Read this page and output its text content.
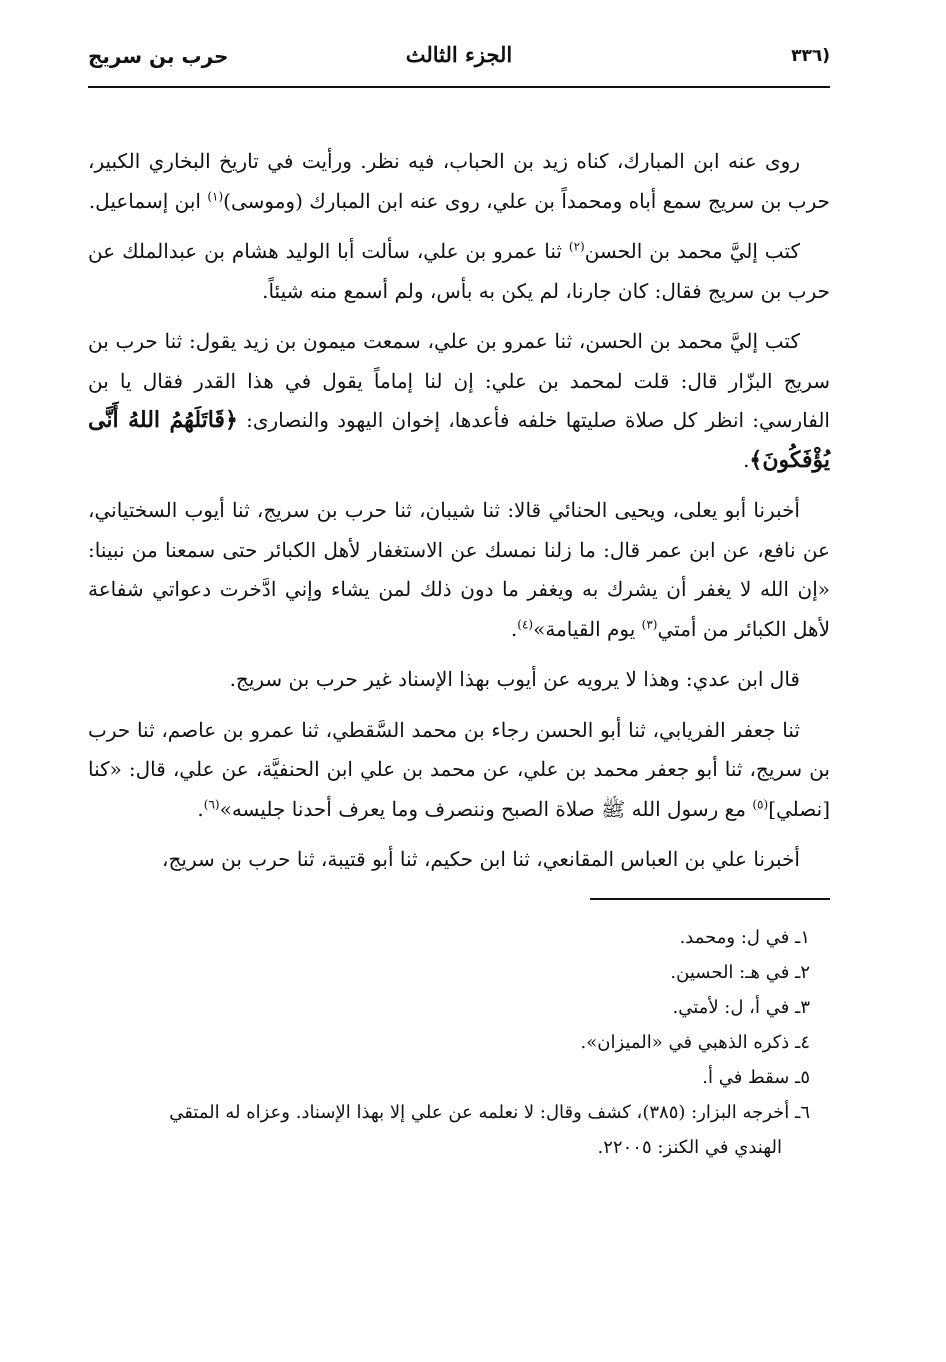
(٣٣٦
الجزء الثالث
حرب بن سريج

روى عنه ابن المبارك، كناه زيد بن الحباب، فيه نظر. ورأيت في تاريخ البخاري الكبير، حرب بن سريج سمع أباه ومحمداً بن علي، روى عنه ابن المبارك (وموسى)$^{(١)}$ ابن إسماعيل.

كتب إليَّ محمد بن الحسن$^{(٢)}$ ثنا عمرو بن علي، سألت أبا الوليد هشام بن عبدالملك عن حرب بن سريج فقال: كان جارنا، لم يكن به بأس، ولم أسمع منه شيئاً.

كتب إليَّ محمد بن الحسن، ثنا عمرو بن علي، سمعت ميمون بن زيد يقول: ثنا حرب بن سريج البزّار قال: قلت لمحمد بن علي: إن لنا إماماً يقول في هذا القدر فقال يا بن الفارسي: انظر كل صلاة صليتها خلفه فأعدها، إخوان اليهود والنصارى: ﴿قَاتَلَهُمُ اللهُ أَنَّى يُؤْفَكُونَ﴾.

أخبرنا أبو يعلى، ويحيى الحنائي قالا: ثنا شيبان، ثنا حرب بن سريج، ثنا أيوب السختياني، عن نافع، عن ابن عمر قال: ما زلنا نمسك عن الاستغفار لأهل الكبائر حتى سمعنا من نبينا: «إن الله لا يغفر أن يشرك به ويغفر ما دون ذلك لمن يشاء وإني ادَّخرت دعواتي شفاعة لأهل الكبائر من أمتي$^{(٣)}$ يوم القيامة»$^{(٤)}$.

قال ابن عدي: وهذا لا يرويه عن أيوب بهذا الإسناد غير حرب بن سريج.

ثنا جعفر الفريابي، ثنا أبو الحسن رجاء بن محمد السَّقطي، ثنا عمرو بن عاصم، ثنا حرب بن سريج، ثنا أبو جعفر محمد بن علي، عن محمد بن علي ابن الحنفيَّة، عن علي، قال: «كنا [نصلي]$^{(٥)}$ مع رسول الله ﷺ صلاة الصبح وننصرف وما يعرف أحدنا جليسه»$^{(٦)}$.

أخبرنا علي بن العباس المقانعي، ثنا ابن حكيم، ثنا أبو قتيبة، ثنا حرب بن سريج،

١ـ في ل: ومحمد.
٢ـ في هـ: الحسين.
٣ـ في أ، ل: لأمتي.
٤ـ ذكره الذهبي في «الميزان».
٥ـ سقط في أ.
٦ـ أخرجه البزار: (٣٨٥)، كشف وقال: لا نعلمه عن علي إلا بهذا الإسناد. وعزاه له المتقي
الهندي في الكنز: ٢٢٠٠٥.
